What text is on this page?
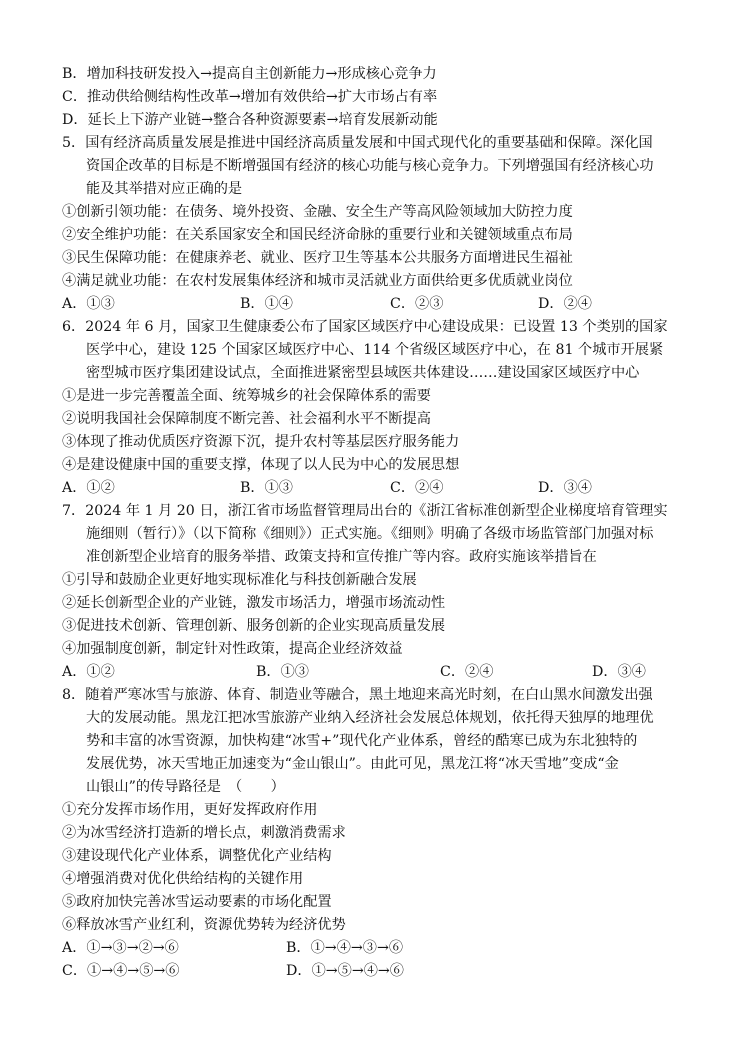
B．增加科技研发投入→提高自主创新能力→形成核心竞争力
C．推动供给侧结构性改革→增加有效供给→扩大市场占有率
D．延长上下游产业链→整合各种资源要素→培育发展新动能
5．国有经济高质量发展是推进中国经济高质量发展和中国式现代化的重要基础和保障。深化国
资国企改革的目标是不断增强国有经济的核心功能与核心竞争力。下列增强国有经济核心功
能及其举措对应正确的是
①创新引领功能：在债务、境外投资、金融、安全生产等高风险领域加大防控力度
②安全维护功能：在关系国家安全和国民经济命脉的重要行业和关键领域重点布局
③民生保障功能：在健康养老、就业、医疗卫生等基本公共服务方面增进民生福祉
④满足就业功能：在农村发展集体经济和城市灵活就业方面供给更多优质就业岗位
A．①③	B．①④	C．②③	D．②④
6．2024 年 6 月，国家卫生健康委公布了国家区域医疗中心建设成果：已设置 13 个类别的国家
医学中心，建设 125 个国家区域医疗中心、114 个省级区域医疗中心，在 81 个城市开展紧
密型城市医疗集团建设试点，全面推进紧密型县域医共体建设……建设国家区域医疗中心
①是进一步完善覆盖全面、统筹城乡的社会保障体系的需要
②说明我国社会保障制度不断完善、社会福利水平不断提高
③体现了推动优质医疗资源下沉，提升农村等基层医疗服务能力
④是建设健康中国的重要支撑，体现了以人民为中心的发展思想
A．①②	B．①③	C．②④	D．③④
7．2024 年 1 月 20 日，浙江省市场监督管理局出台的《浙江省标准创新型企业梯度培育管理实
施细则（暂行）》（以下简称《细则》）正式实施。《细则》明确了各级市场监管部门加强对标
准创新型企业培育的服务举措、政策支持和宣传推广等内容。政府实施该举措旨在
①引导和鼓励企业更好地实现标准化与科技创新融合发展
②延长创新型企业的产业链，激发市场活力，增强市场流动性
③促进技术创新、管理创新、服务创新的企业实现高质量发展
④加强制度创新，制定针对性政策，提高企业经济效益
A．①②	B．①③	C．②④	D．③④
8．随着严寒冰雪与旅游、体育、制造业等融合，黑土地迎来高光时刻，在白山黑水间激发出强
大的发展动能。黑龙江把冰雪旅游产业纳入经济社会发展总体规划，依托得天独厚的地理优
势和丰富的冰雪资源，加快构建“冰雪+”现代化产业体系，曾经的酷寒已成为东北独特的
发展优势，冰天雪地正加速变为“金山银山”。由此可见，黑龙江将“冰天雪地”变成“金
山银山”的传导路径是　（　　）
①充分发挥市场作用，更好发挥政府作用
②为冰雪经济打造新的增长点，刺激消费需求
③建设现代化产业体系，调整优化产业结构
④增强消费对优化供给结构的关键作用
⑤政府加快完善冰雪运动要素的市场化配置
⑥释放冰雪产业红利，资源优势转为经济优势
A．①→③→②→⑥	B．①→④→③→⑥
C．①→④→⑤→⑥	D．①→⑤→④→⑥
